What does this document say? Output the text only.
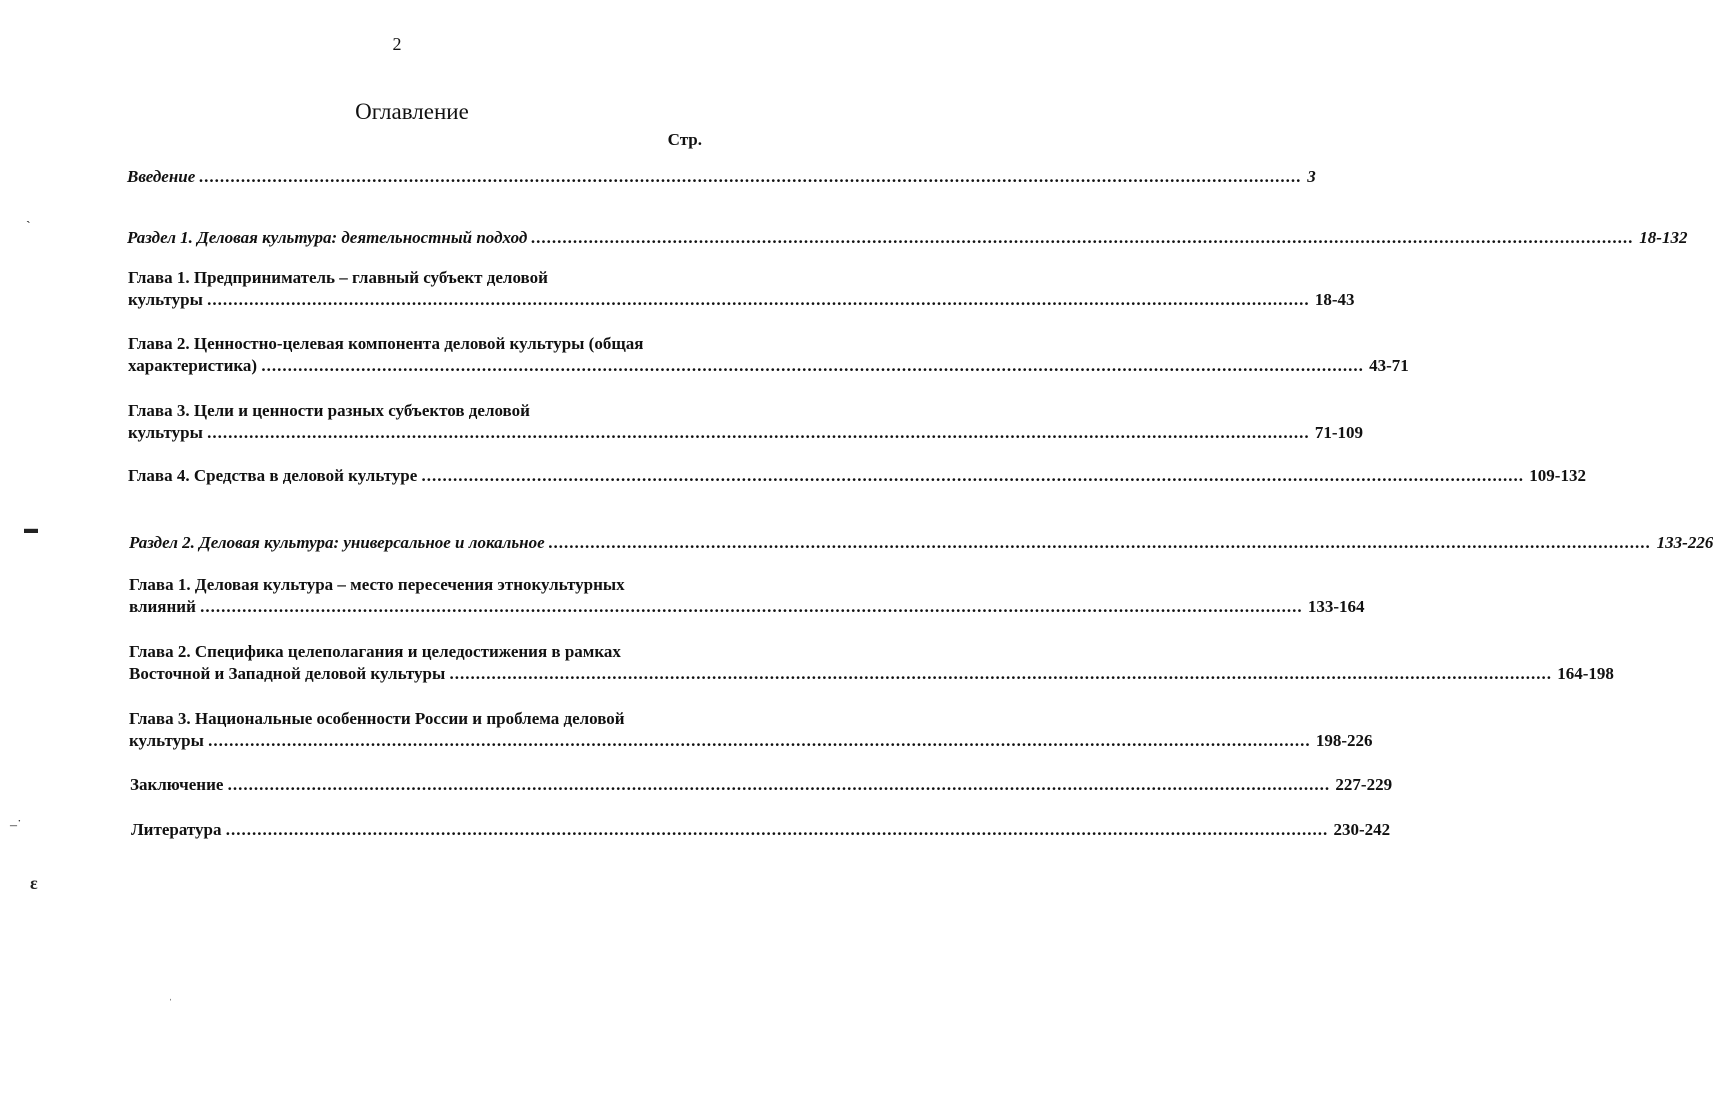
2
Оглавление
Стр.
Введение .....	3
Раздел 1. Деловая культура: деятельностный подход .....	18-132
Глава 1. Предприниматель – главный субъект деловой
культуры .....	18-43
Глава 2. Ценностно-целевая компонента деловой культуры (общая
характеристика) .....	43-71
Глава 3. Цели и ценности разных субъектов деловой
культуры .....	71-109
Глава 4. Средства в деловой культуре .....	109-132
Раздел 2. Деловая культура: универсальное и локальное .....	133-226
Глава 1. Деловая культура – место пересечения этнокультурных
влияний .....	133-164
Глава 2. Специфика целеполагания и целедостижения в рамках
Восточной и Западной деловой культуры .....	164-198
Глава 3. Национальные особенности России и проблема деловой
культуры .....	198-226
Заключение .....	227-229
Литература .....	230-242
ˎ
▬
‒˙
ε
ˌ
